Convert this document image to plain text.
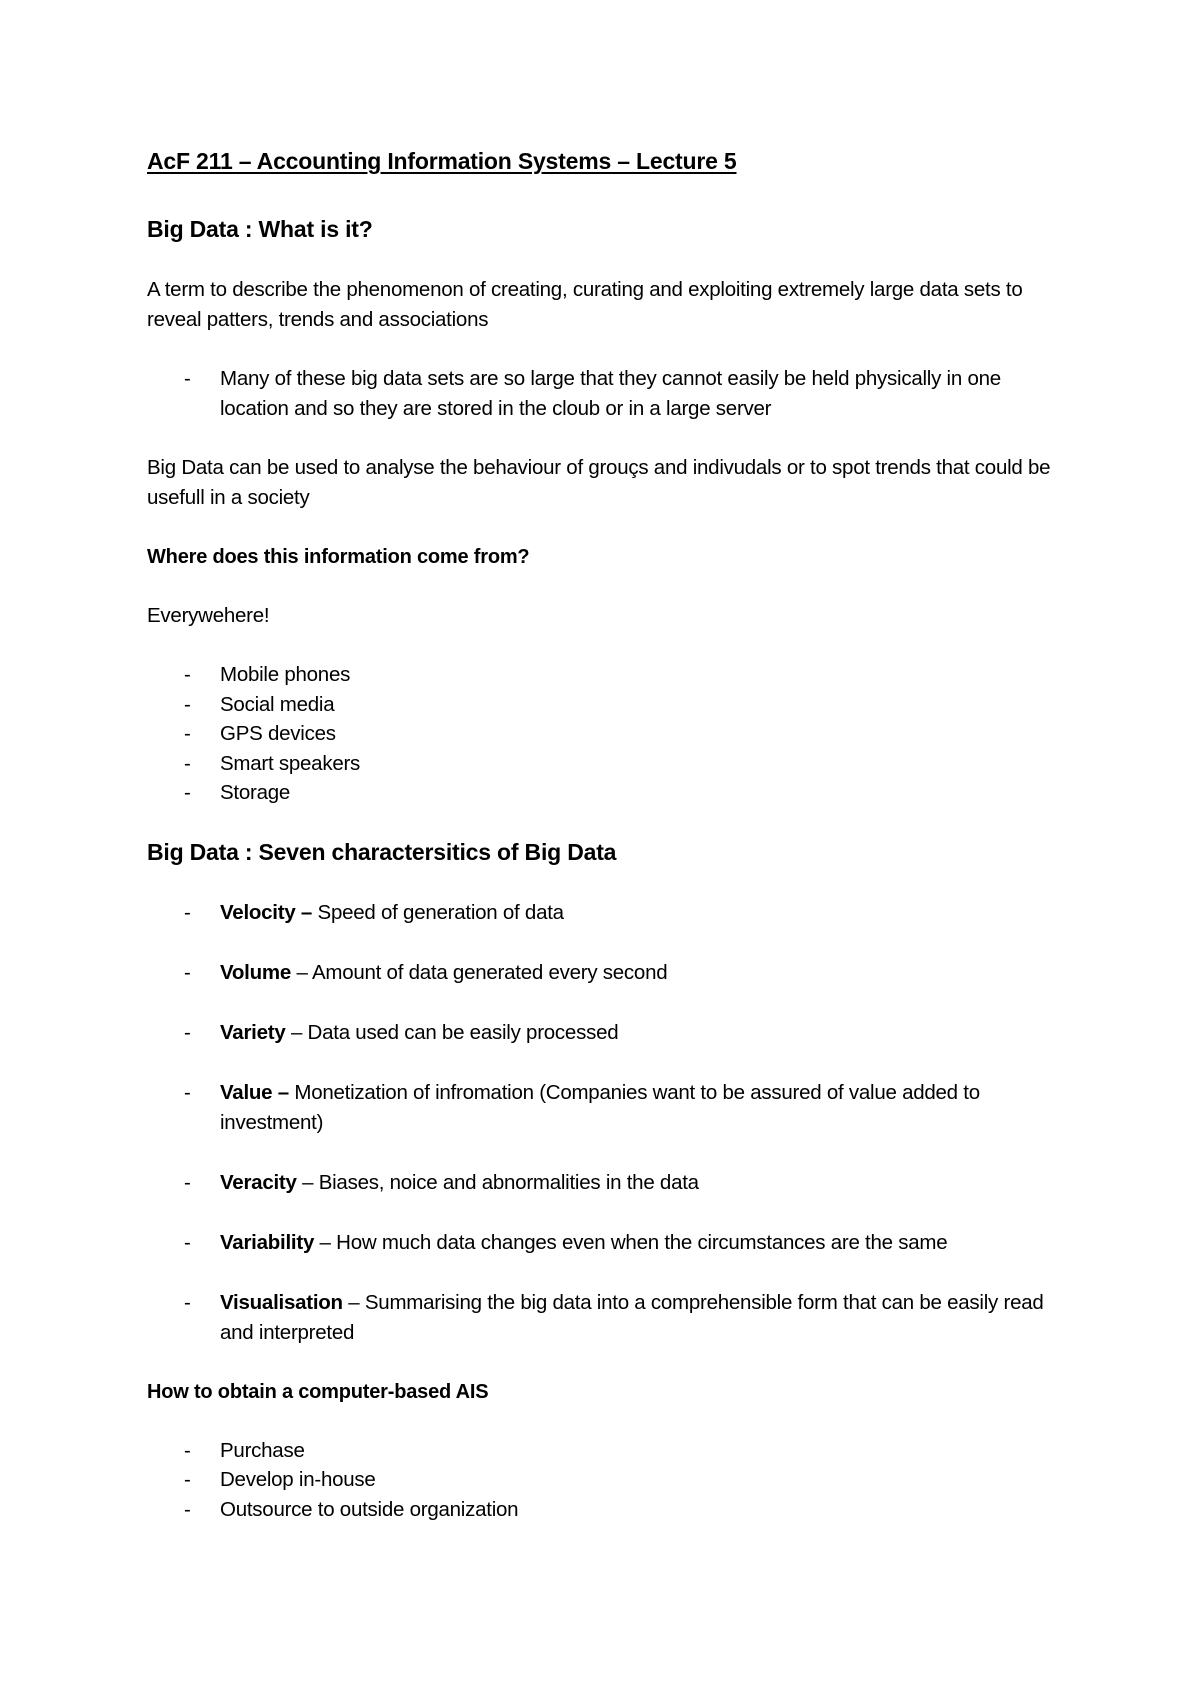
AcF 211 – Accounting Information Systems – Lecture 5
Big Data : What is it?
A term to describe the phenomenon of creating, curating and exploiting extremely large data sets to reveal patters, trends and associations
- Many of these big data sets are so large that they cannot easily be held physically in one location and so they are stored in the cloub or in a large server
Big Data can be used to analyse the behaviour of grouçs and indivudals or to spot trends that could be usefull in a society
Where does this information come from?
Everywehere!
- Mobile phones
- Social media
- GPS devices
- Smart speakers
- Storage
Big Data : Seven charactersitics of Big Data
- Velocity – Speed of generation of data
- Volume – Amount of data generated every second
- Variety – Data used can be easily processed
- Value – Monetization of infromation (Companies want to be assured of value added to investment)
- Veracity – Biases, noice and abnormalities in the data
- Variability – How much data changes even when the circumstances are the same
- Visualisation – Summarising the big data into a comprehensible form that can be easily read and interpreted
How to obtain a computer-based AIS
- Purchase
- Develop in-house
- Outsource to outside organization
